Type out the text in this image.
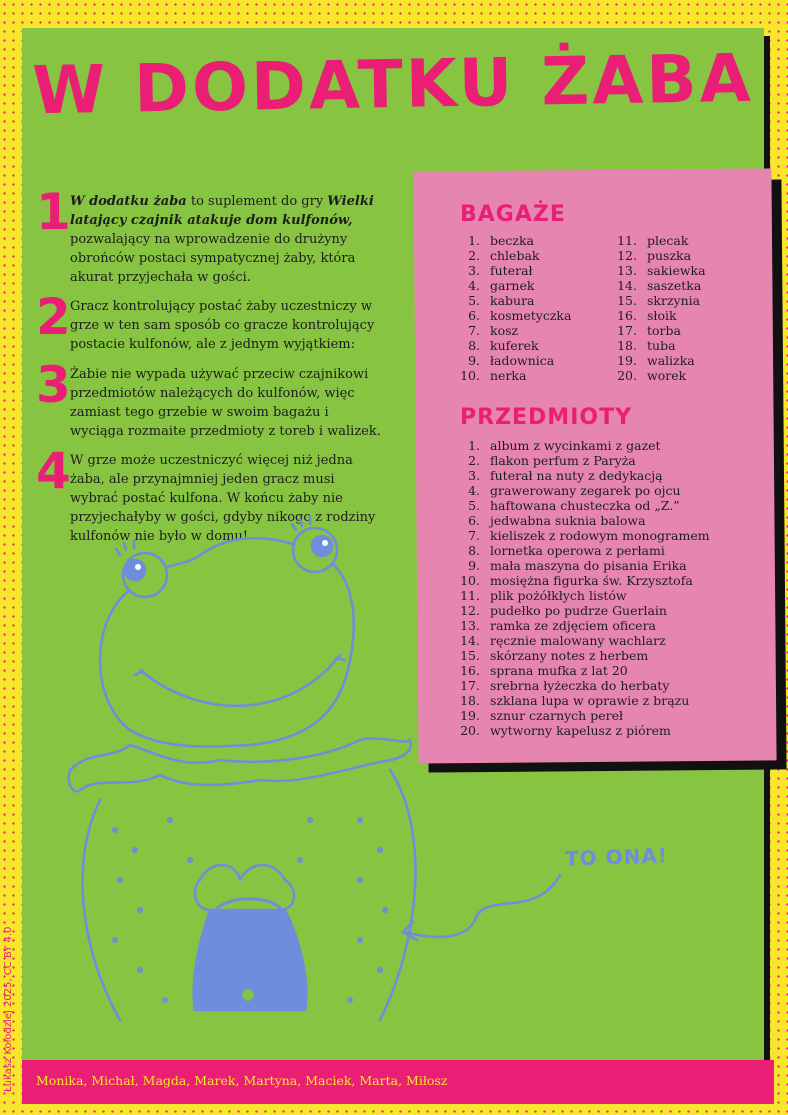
W DODATKU ŻABA
1 W dodatku żaba to suplement do gry Wielki latający czajnik atakuje dom kulfonów, pozwalający na wprowadzenie do drużyny obrońców postaci sympatycznej żaby, która akurat przyjechała w gości.
2 Gracz kontrolujący postać żaby uczestniczy w grze w ten sam sposób co gracze kontrolujący postacie kulfonów, ale z jednym wyjątkiem:
3 Żabie nie wypada używać przeciw czajnikowi przedmiotów należących do kulfonów, więc zamiast tego grzebie w swoim bagażu i wyciąga rozmaite przedmioty z toreb i walizek.
4 W grze może uczestniczyć więcej niż jedna żaba, ale przynajmniej jeden gracz musi wybrać postać kulfona. W końcu żaby nie przyjechałyby w gości, gdyby nikogo z rodziny kulfonów nie było w domu!
BAGAŻE
1. beczka
2. chlebak
3. futerał
4. garnek
5. kabura
6. kosmetyczka
7. kosz
8. kuferek
9. ładownica
10. nerka
11. plecak
12. puszka
13. sakiewka
14. saszetka
15. skrzynia
16. słoik
17. torba
18. tuba
19. walizka
20. worek
PRZEDMIOTY
1. album z wycinkami z gazet
2. flakon perfum z Paryża
3. futerał na nuty z dedykacją
4. grawerowany zegarek po ojcu
5. haftowana chusteczka od „Z.”
6. jedwabna suknia balowa
7. kieliszek z rodowym monogramem
8. lornetka operowa z perłami
9. mała maszyna do pisania Erika
10. mosiężna figurka św. Krzysztofa
11. plik pożółkłych listów
12. pudełko po pudrze Guerlain
13. ramka ze zdjęciem oficera
14. ręcznie malowany wachlarz
15. skórzany notes z herbem
16. sprana mufka z lat 20
17. srebrna łyżeczka do herbaty
18. szklana lupa w oprawie z brązu
19. sznur czarnych pereł
20. wytworny kapelusz z piórem
TO ONA!
Monika, Michał, Magda, Marek, Martyna, Maciek, Marta, Miłosz
Łukasz Kołodziej 2025, CC BY 4.0
